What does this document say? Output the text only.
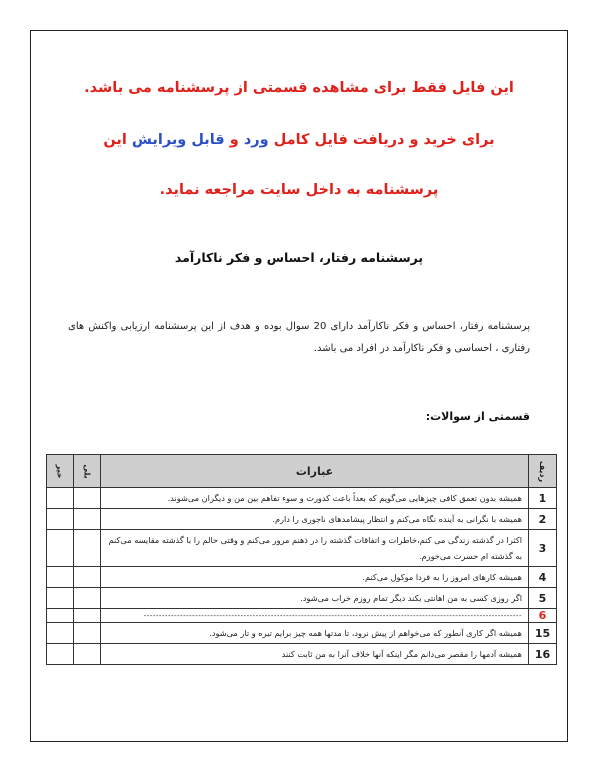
این فایل فقط برای مشاهده قسمتی از پرسشنامه می باشد.
برای خرید و دریافت فایل کامل ورد و قابل ویرایش این
پرسشنامه به داخل سایت مراجعه نماید.
پرسشنامه رفتار، احساس و فکر ناکارآمد
پرسشنامه رفتار، احساس و فکر ناکارآمد دارای 20 سوال بوده و هدف از این پرسشنامه ارزیابی واکنش های رفتاری ، احساسی و فکر ناکارآمد در افراد می باشد.
قسمتی از سوالات:
ردیف	عبارات	بلی	خیر
1	همیشه بدون تعمق کافی چیزهایی می‌گویم که بعداً باعث کدورت و سوء تفاهم بین من و دیگران می‌شوند.		
2	همیشه با نگرانی به آینده نگاه می‌کنم و انتظار پیشامدهای ناجوری را دارم.		
3	اکثرا در گذشته زندگی می کنم،خاطرات و اتفاقات گذشته را در ذهنم مرور می‌کنم و وقتی حالم را با گذشته مقایسه می‌کنم به گذشته ام حسرت می‌خورم.		
4	همیشه کارهای امروز را به فردا موکول می‌کنم.		
5	اگر روزی کسی به من اهانتی بکند دیگر تمام روزم خراب می‌شود.		
6	-----------------------------------------------------------------------------------------------------------------------------		
15	همیشه اگر کاری آنطور که می‌خواهم از پیش نرود، تا مدتها همه چیز برایم تیره و تار می‌شود.		
16	همیشه آدمها را مقصر می‌دانم مگر اینکه آنها خلاف آنرا به من ثابت کنند		
